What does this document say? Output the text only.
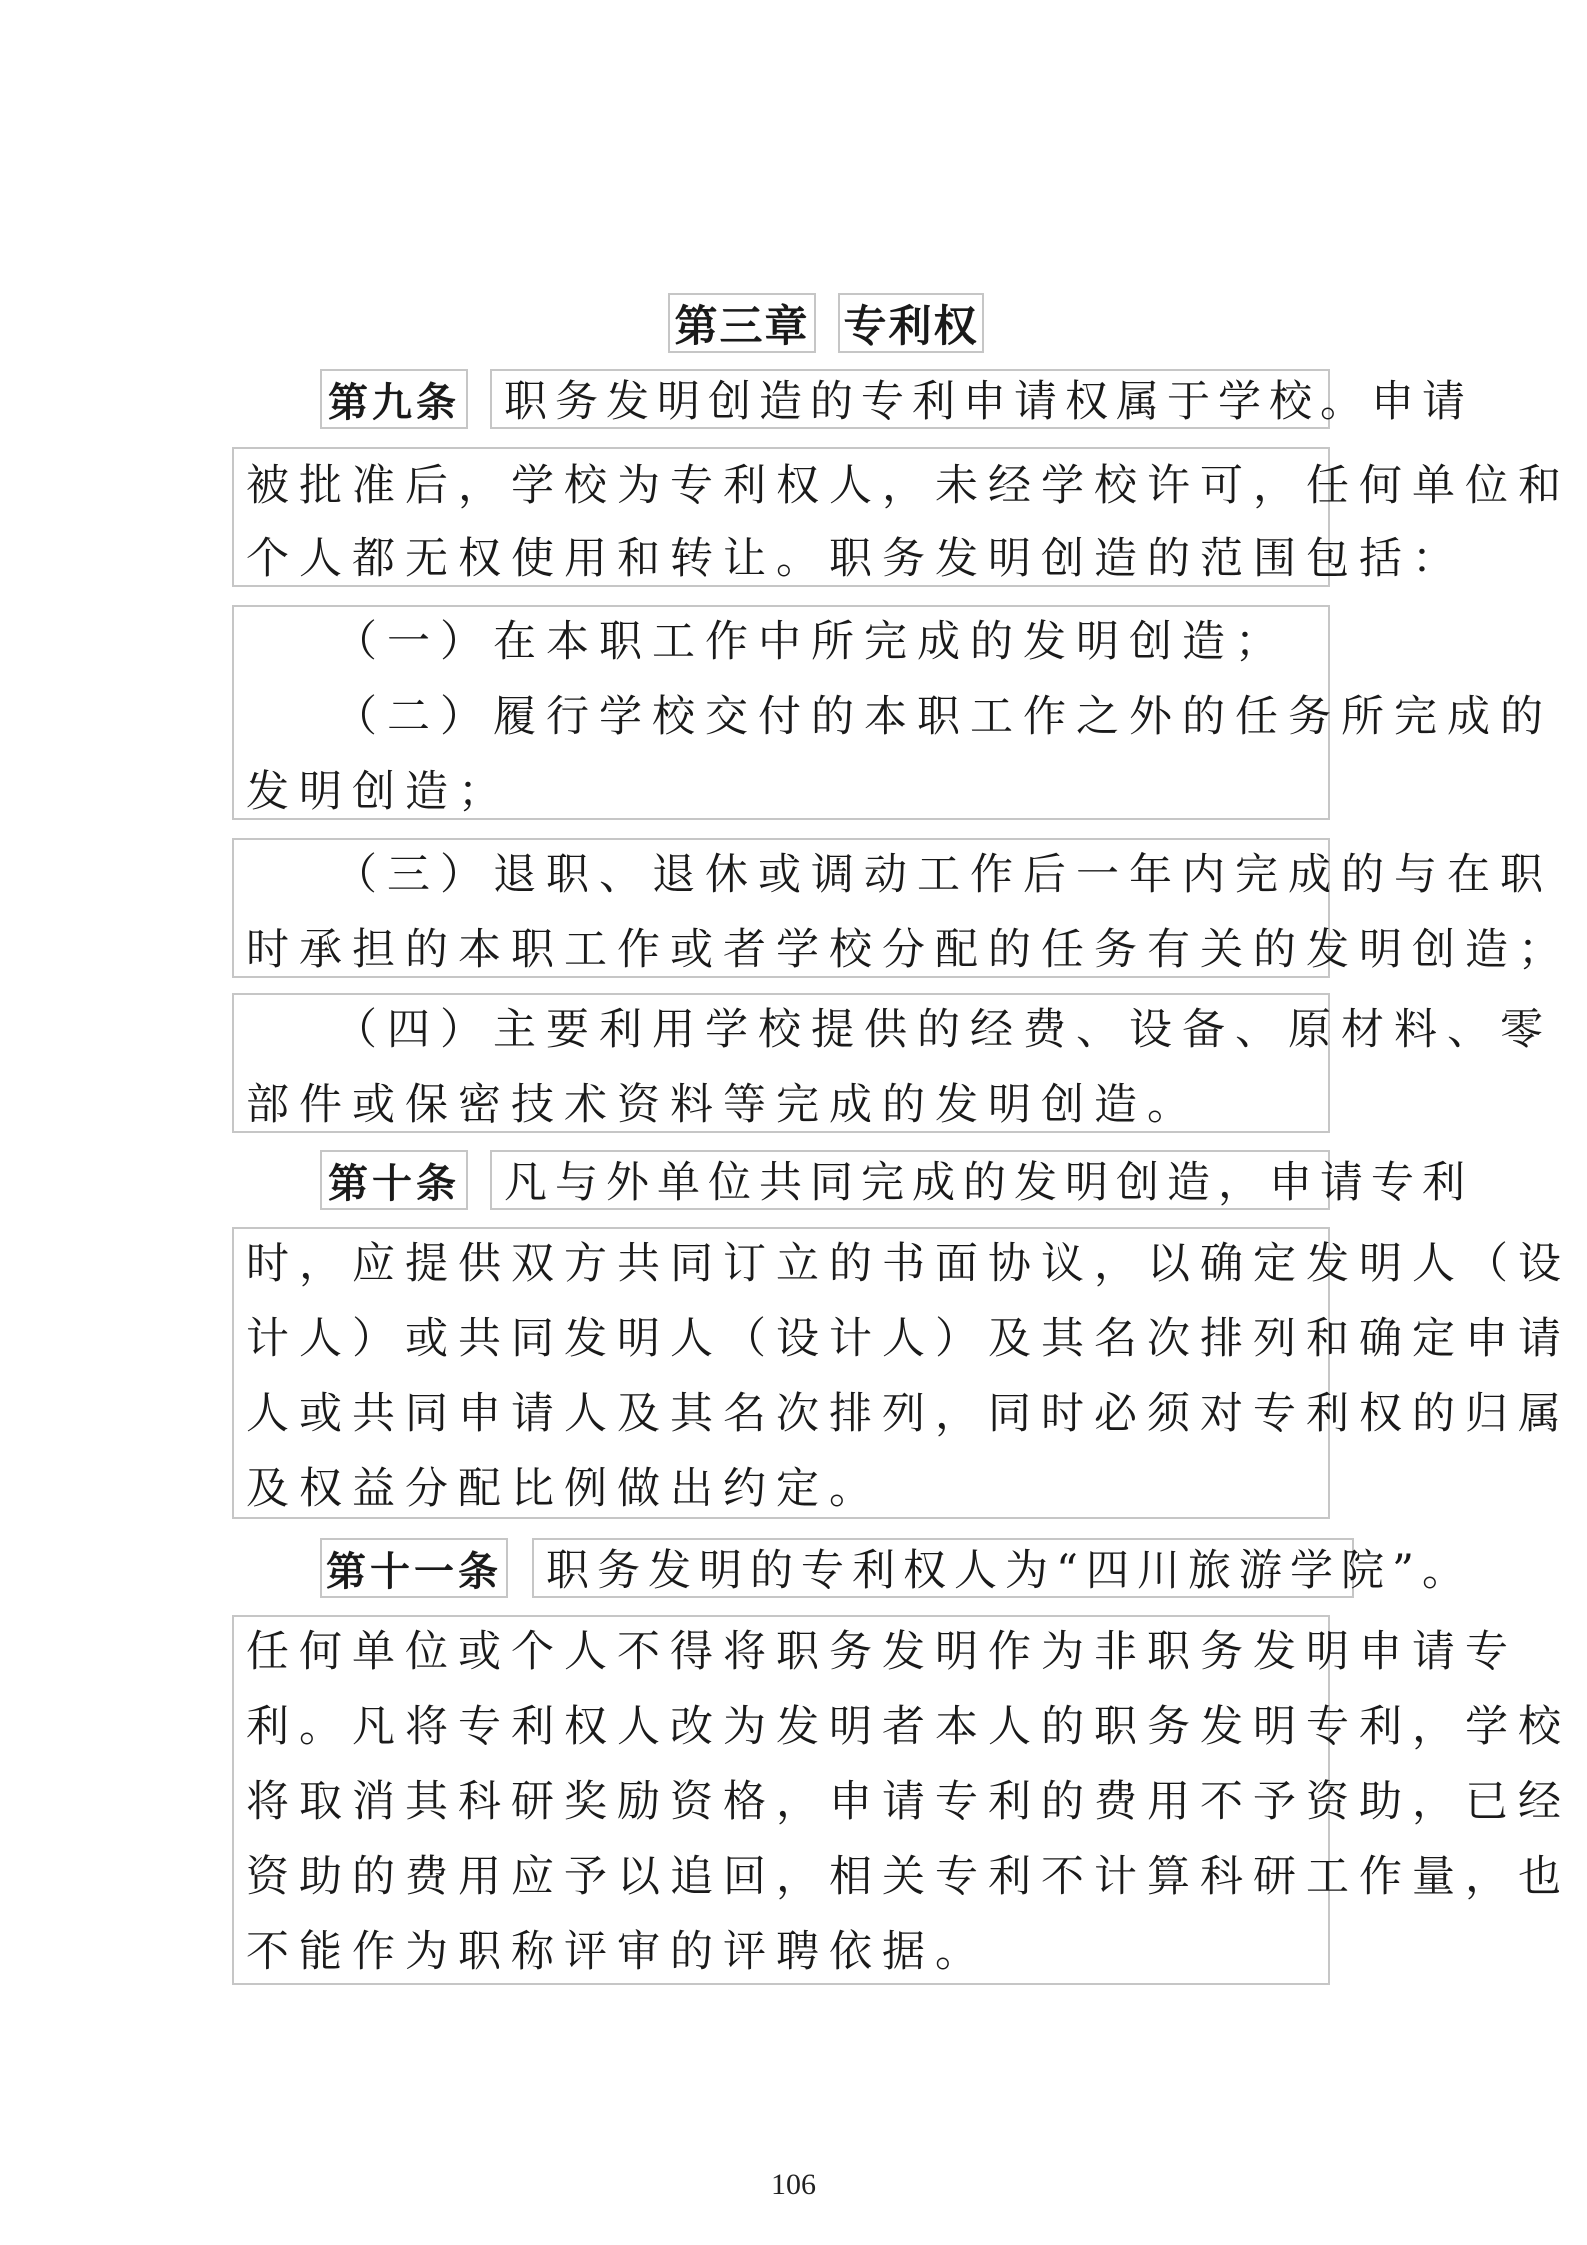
第三章 专利权
第九条 职务发明创造的专利申请权属于学校。申请
被批准后，学校为专利权人，未经学校许可，任何单位和
个人都无权使用和转让。职务发明创造的范围包括：
（一）在本职工作中所完成的发明创造；
（二）履行学校交付的本职工作之外的任务所完成的
发明创造；
（三）退职、退休或调动工作后一年内完成的与在职
时承担的本职工作或者学校分配的任务有关的发明创造；
（四）主要利用学校提供的经费、设备、原材料、零
部件或保密技术资料等完成的发明创造。
第十条 凡与外单位共同完成的发明创造，申请专利
时，应提供双方共同订立的书面协议，以确定发明人（设
计人）或共同发明人（设计人）及其名次排列和确定申请
人或共同申请人及其名次排列，同时必须对专利权的归属
及权益分配比例做出约定。
第十一条 职务发明的专利权人为“四川旅游学院”。
任何单位或个人不得将职务发明作为非职务发明申请专
利。凡将专利权人改为发明者本人的职务发明专利，学校
将取消其科研奖励资格，申请专利的费用不予资助，已经
资助的费用应予以追回，相关专利不计算科研工作量，也
不能作为职称评审的评聘依据。
106
